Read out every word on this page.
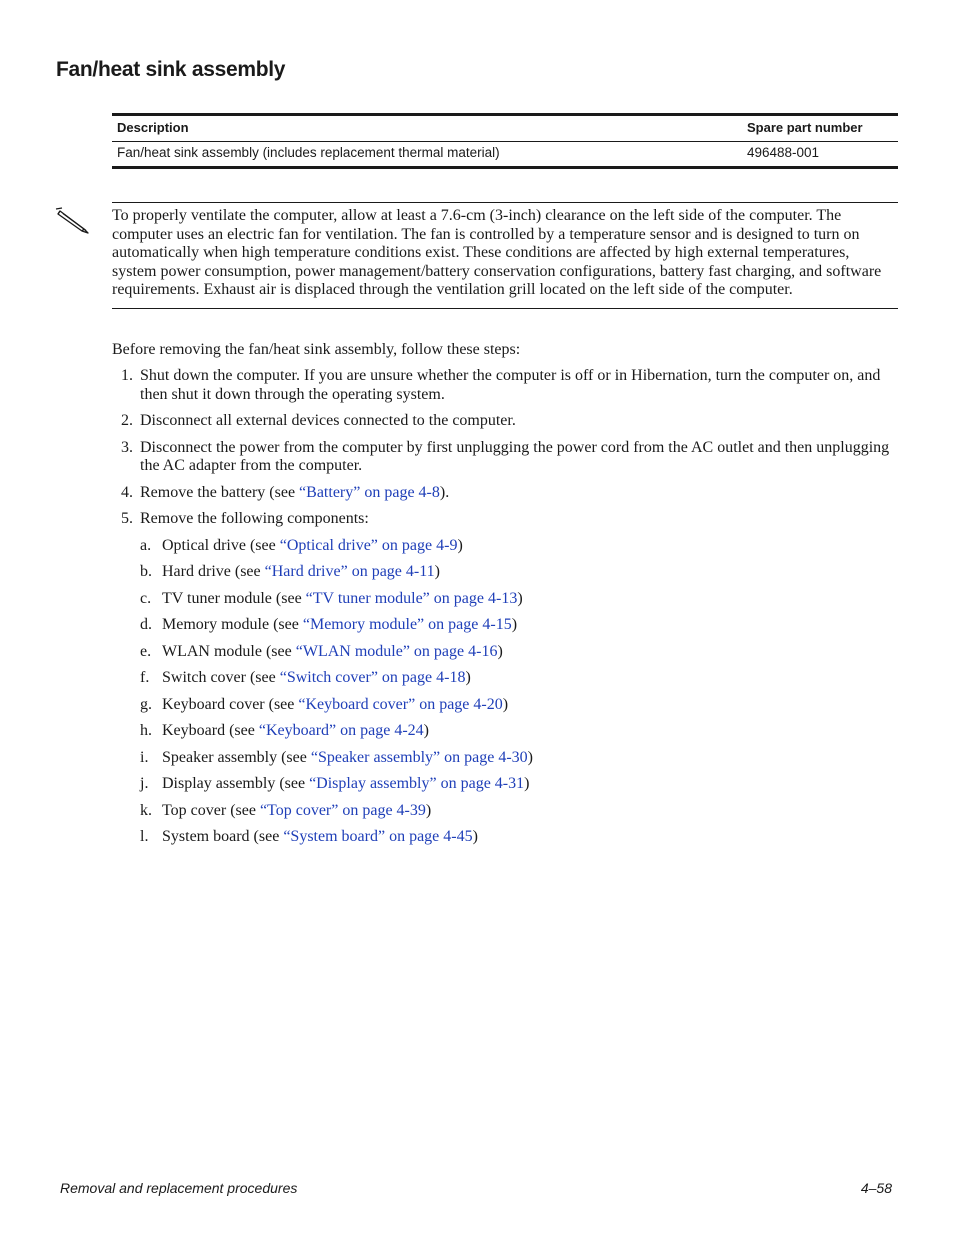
Fan/heat sink assembly
Description	Spare part number
Fan/heat sink assembly (includes replacement thermal material)	496488-001

To properly ventilate the computer, allow at least a 7.6-cm (3-inch) clearance on the left side of the computer. The computer uses an electric fan for ventilation. The fan is controlled by a temperature sensor and is designed to turn on automatically when high temperature conditions exist. These conditions are affected by high external temperatures, system power consumption, power management/battery conservation configurations, battery fast charging, and software requirements. Exhaust air is displaced through the ventilation grill located on the left side of the computer.

Before removing the fan/heat sink assembly, follow these steps:

1. Shut down the computer. If you are unsure whether the computer is off or in Hibernation, turn the computer on, and then shut it down through the operating system.
2. Disconnect all external devices connected to the computer.
3. Disconnect the power from the computer by first unplugging the power cord from the AC outlet and then unplugging the AC adapter from the computer.
4. Remove the battery (see “Battery” on page 4-8).
5. Remove the following components:
a. Optical drive (see “Optical drive” on page 4-9)
b. Hard drive (see “Hard drive” on page 4-11)
c. TV tuner module (see “TV tuner module” on page 4-13)
d. Memory module (see “Memory module” on page 4-15)
e. WLAN module (see “WLAN module” on page 4-16)
f. Switch cover (see “Switch cover” on page 4-18)
g. Keyboard cover (see “Keyboard cover” on page 4-20)
h. Keyboard (see “Keyboard” on page 4-24)
i. Speaker assembly (see “Speaker assembly” on page 4-30)
j. Display assembly (see “Display assembly” on page 4-31)
k. Top cover (see “Top cover” on page 4-39)
l. System board (see “System board” on page 4-45)
Removal and replacement procedures	4–58
